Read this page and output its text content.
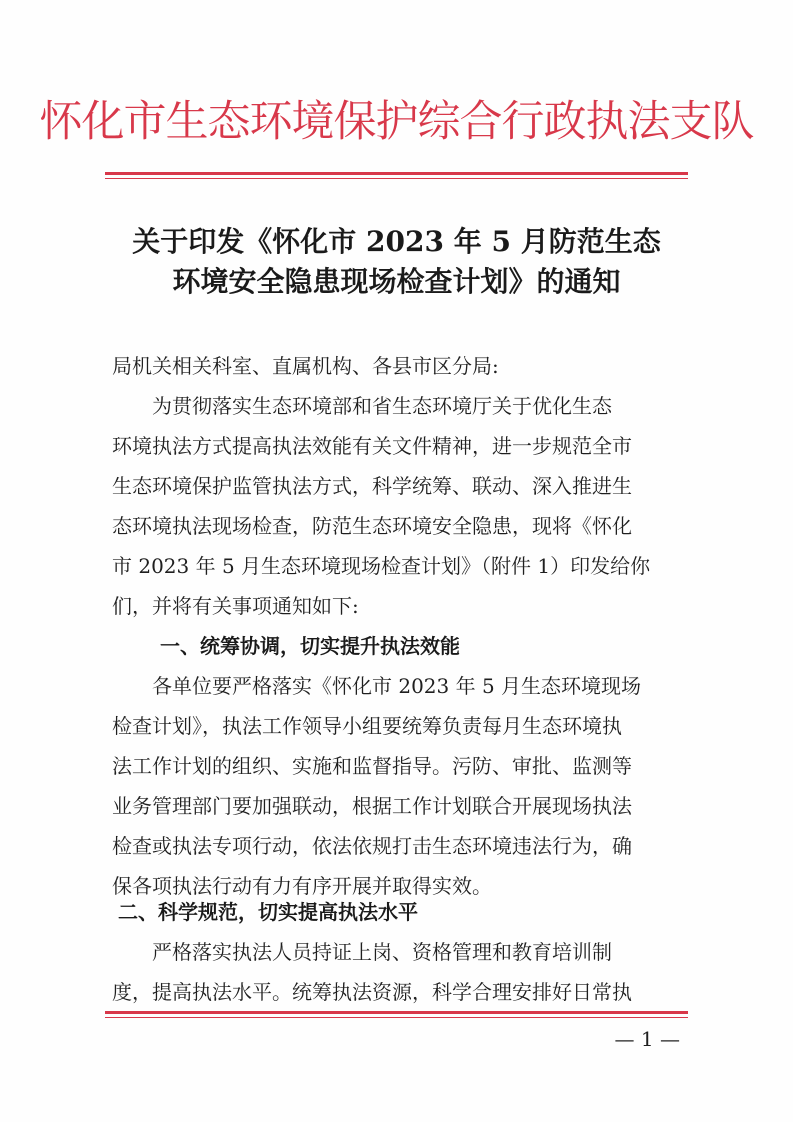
怀化市生态环境保护综合行政执法支队
关于印发《怀化市 2023 年 5 月防范生态
环境安全隐患现场检查计划》的通知
局机关相关科室、直属机构、各县市区分局:
为贯彻落实生态环境部和省生态环境厅关于优化生态
环境执法方式提高执法效能有关文件精神，进一步规范全市
生态环境保护监管执法方式，科学统筹、联动、深入推进生
态环境执法现场检查，防范生态环境安全隐患，现将《怀化
市 2023 年 5 月生态环境现场检查计划》（附件 1）印发给你
们，并将有关事项通知如下:
一、统筹协调，切实提升执法效能
各单位要严格落实《怀化市 2023 年 5 月生态环境现场
检查计划》，执法工作领导小组要统筹负责每月生态环境执
法工作计划的组织、实施和监督指导。污防、审批、监测等
业务管理部门要加强联动，根据工作计划联合开展现场执法
检查或执法专项行动，依法依规打击生态环境违法行为，确
保各项执法行动有力有序开展并取得实效。
二、科学规范，切实提高执法水平
严格落实执法人员持证上岗、资格管理和教育培训制
度，提高执法水平。统筹执法资源，科学合理安排好日常执
— 1 —
